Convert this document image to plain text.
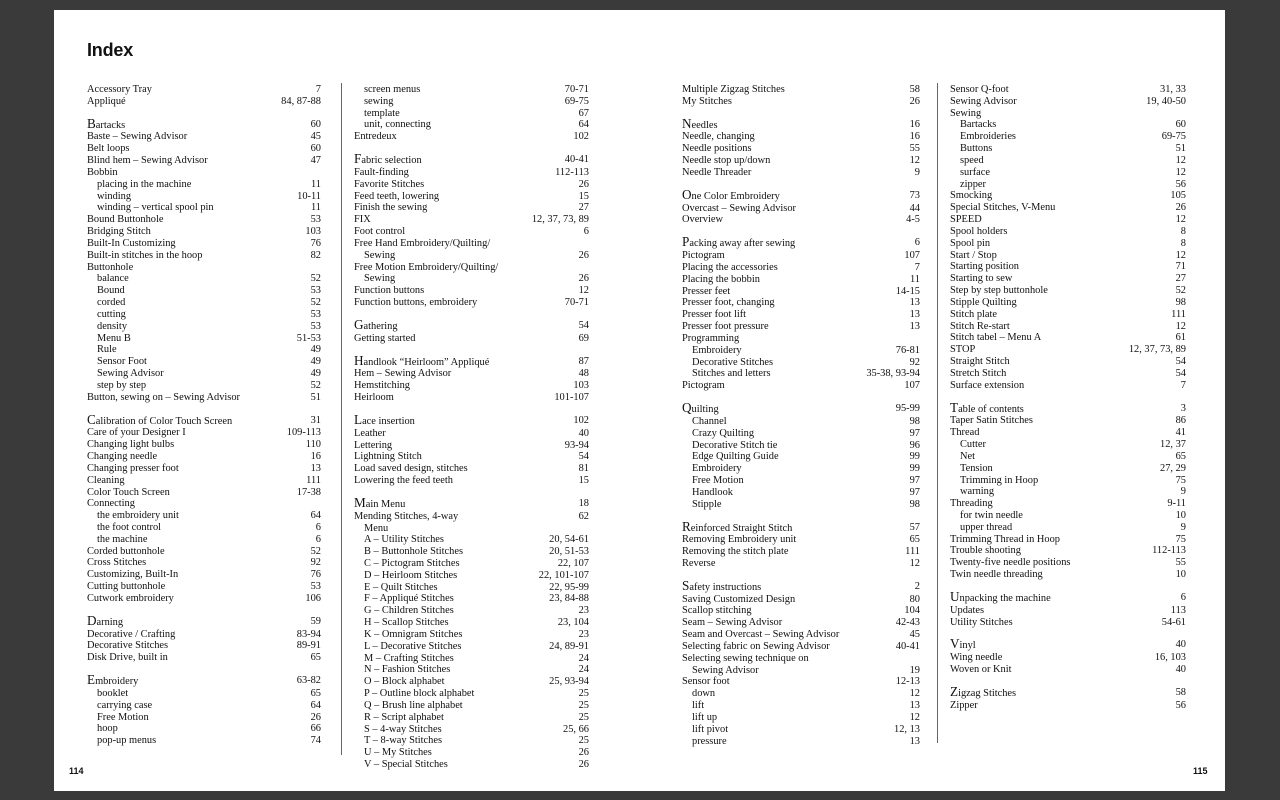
Index
Accessory Tray	7
Appliqué	84, 87-88
Bartacks	60
Baste – Sewing Advisor	45
Belt loops	60
Blind hem – Sewing Advisor	47
Bobbin
placing in the machine	11
winding	10-11
winding – vertical spool pin	11
Bound Buttonhole	53
Bridging Stitch	103
Built-In Customizing	76
Built-in stitches in the hoop	82
Buttonhole
balance	52
Bound	53
corded	52
cutting	53
density	53
Menu B	51-53
Rule	49
Sensor Foot	49
Sewing Advisor	49
step by step	52
Button, sewing on – Sewing Advisor	51
Calibration of Color Touch Screen	31
Care of your Designer I	109-113
Changing light bulbs	110
Changing needle	16
Changing presser foot	13
Cleaning	111
Color Touch Screen	17-38
Connecting
the embroidery unit	64
the foot control	6
the machine	6
Corded buttonhole	52
Cross Stitches	92
Customizing, Built-In	76
Cutting buttonhole	53
Cutwork embroidery	106
Darning	59
Decorative / Crafting	83-94
Decorative Stitches	89-91
Disk Drive, built in	65
Embroidery	63-82
booklet	65
carrying case	64
Free Motion	26
hoop	66
pop-up menus	74
screen menus	70-71
sewing	69-75
template	67
unit, connecting	64
Entredeux	102
Fabric selection	40-41
Fault-finding	112-113
Favorite Stitches	26
Feed teeth, lowering	15
Finish the sewing	27
FIX	12, 37, 73, 89
Foot control	6
Free Hand Embroidery/Quilting/
Sewing	26
Free Motion Embroidery/Quilting/
Sewing	26
Function buttons	12
Function buttons, embroidery	70-71
Gathering	54
Getting started	69
Handlook “Heirloom” Appliqué	87
Hem – Sewing Advisor	48
Hemstitching	103
Heirloom	101-107
Lace insertion	102
Leather	40
Lettering	93-94
Lightning Stitch	54
Load saved design, stitches	81
Lowering the feed teeth	15
Main Menu	18
Mending Stitches, 4-way	62
Menu
A – Utility Stitches	20, 54-61
B – Buttonhole Stitches	20, 51-53
C – Pictogram Stitches	22, 107
D – Heirloom Stitches	22, 101-107
E – Quilt Stitches	22, 95-99
F – Appliqué Stitches	23, 84-88
G – Children Stitches	23
H – Scallop Stitches	23, 104
K – Omnigram Stitches	23
L – Decorative Stitches	24, 89-91
M – Crafting Stitches	24
N – Fashion Stitches	24
O – Block alphabet	25, 93-94
P – Outline block alphabet	25
Q – Brush line alphabet	25
R – Script alphabet	25
S – 4-way Stitches	25, 66
T – 8-way Stitches	25
U – My Stitches	26
V – Special Stitches	26
Multiple Zigzag Stitches	58
My Stitches	26
Needles	16
Needle, changing	16
Needle positions	55
Needle stop up/down	12
Needle Threader	9
One Color Embroidery	73
Overcast – Sewing Advisor	44
Overview	4-5
Packing away after sewing	6
Pictogram	107
Placing the accessories	7
Placing the bobbin	11
Presser feet	14-15
Presser foot, changing	13
Presser foot lift	13
Presser foot pressure	13
Programming
Embroidery	76-81
Decorative Stitches	92
Stitches and letters	35-38, 93-94
Pictogram	107
Quilting	95-99
Channel	98
Crazy Quilting	97
Decorative Stitch tie	96
Edge Quilting Guide	99
Embroidery	99
Free Motion	97
Handlook	97
Stipple	98
Reinforced Straight Stitch	57
Removing Embroidery unit	65
Removing the stitch plate	111
Reverse	12
Safety instructions	2
Saving Customized Design	80
Scallop stitching	104
Seam – Sewing Advisor	42-43
Seam and Overcast – Sewing Advisor	45
Selecting fabric on Sewing Advisor	40-41
Selecting sewing technique on
Sewing Advisor	19
Sensor foot	12-13
down	12
lift	13
lift up	12
lift pivot	12, 13
pressure	13
Sensor Q-foot	31, 33
Sewing Advisor	19, 40-50
Sewing
Bartacks	60
Embroideries	69-75
Buttons	51
speed	12
surface	12
zipper	56
Smocking	105
Special Stitches, V-Menu	26
SPEED	12
Spool holders	8
Spool pin	8
Start / Stop	12
Starting position	71
Starting to sew	27
Step by step buttonhole	52
Stipple Quilting	98
Stitch plate	111
Stitch Re-start	12
Stitch tabel – Menu A	61
STOP	12, 37, 73, 89
Straight Stitch	54
Stretch Stitch	54
Surface extension	7
Table of contents	3
Taper Satin Stitches	86
Thread	41
Cutter	12, 37
Net	65
Tension	27, 29
Trimming in Hoop	75
warning	9
Threading	9-11
for twin needle	10
upper thread	9
Trimming Thread in Hoop	75
Trouble shooting	112-113
Twenty-five needle positions	55
Twin needle threading	10
Unpacking the machine	6
Updates	113
Utility Stitches	54-61
Vinyl	40
Wing needle	16, 103
Woven or Knit	40
Zigzag Stitches	58
Zipper	56
114	115
